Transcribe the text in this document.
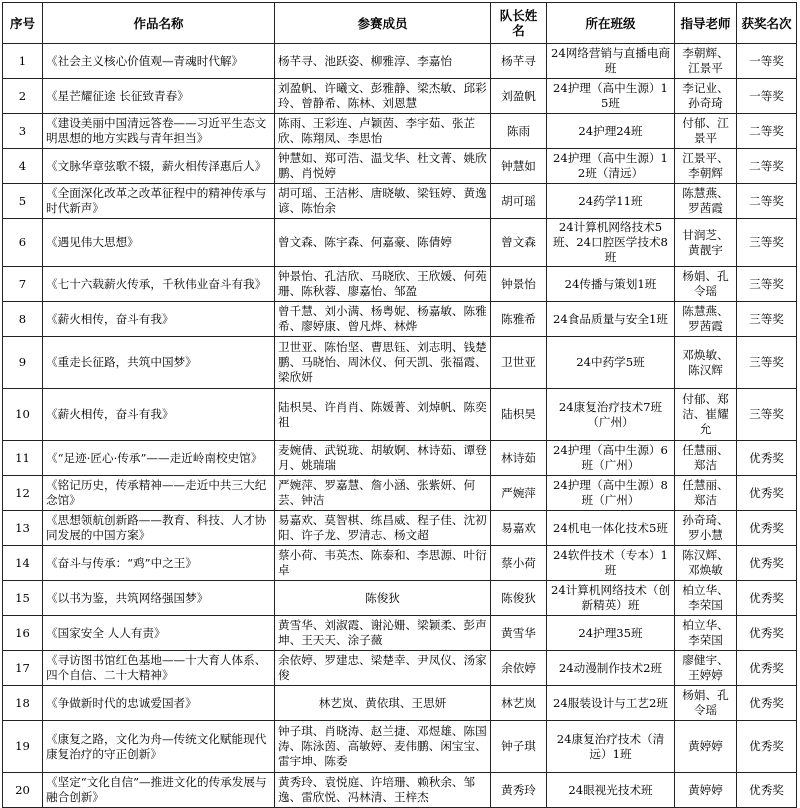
序号	作品名称	参赛成员	队长姓名	所在班级	指导老师	获奖名次
1	《社会主义核心价值观—青魂时代解》	杨芊寻、池跃姿、柳雅淳、李嘉怡	杨芊寻	24网络营销与直播电商班	李朝辉、江景平	一等奖
2	《星芒耀征途 长征致青春》	刘盈帆、许曦文、彭雅静、梁杰敏、邱彩玲、曾静希、陈林、刘恩慧	刘盈帆	24护理（高中生源）15班	李记业、孙奇琦	一等奖
3	《建设美丽中国清远答卷——习近平生态文明思想的地方实践与青年担当》	陈雨、王彩连、卢颖茵、李宇茹、张芷欣、陈翔凤、李思怡	陈雨	24护理24班	付郁、江景平	二等奖
4	《文脉华章弦歌不辍，薪火相传泽惠后人》	钟慧如、郑可浩、温戈华、杜文菁、姚欣鹏、肖悦婷	钟慧如	24护理（高中生源）12班（清远）	江景平、李朝辉	二等奖
5	《全面深化改革之改革征程中的精神传承与时代新声》	胡可瑶、王洁彬、唐晓敏、梁钰婷、黄逸谚、陈怡余	胡可瑶	24药学11班	陈慧燕、罗茜霞	二等奖
6	《遇见伟大思想》	曾文森、陈宇森、何嘉豪、陈倩婷	曾文森	24计算机网络技术5班、24口腔医学技术8班	甘润芝、黄靓宇	三等奖
7	《七十六载薪火传承，千秋伟业奋斗有我》	钟景怡、孔洁欣、马晓欣、王欣媛、何苑珊、陈秋蓉、廖嘉怡、邹盈	钟景怡	24传播与策划1班	杨娟、孔令瑶	三等奖
8	《薪火相传，奋斗有我》	曾千慧、刘小满、杨粤妮、杨嘉敏、陈雅希、廖婷康、曾凡烨、林烨	陈雅希	24食品质量与安全1班	陈慧燕、罗茜霞	三等奖
9	《重走长征路，共筑中国梦》	卫世亚、陈怡坚、曹思钰、刘志明、钱楚鹏、马晓怡、周沐仪、何天凯、张福霞、梁欣妍	卫世亚	24中药学5班	邓焕敏、陈汉辉	三等奖
10	《薪火相传，奋斗有我》	陆枳昊、许肖肖、陈媛菁、刘焯帆、陈奕祖	陆枳昊	24康复治疗技术7班（广州）	付郁、郑洁、崔耀允	三等奖
11	《“足迹·匠心·传承”——走近岭南校史馆》	麦婉倩、武锐珑、胡敏婀、林诗茹、谭登月、姚瑞瑞	林诗茹	24护理（高中生源）6班（广州）	任慧丽、郑洁	优秀奖
12	《铭记历史，传承精神——走近中共三大纪念馆》	严婉萍、罗嘉慧、詹小涵、张紫妍、何芸、钟洁	严婉萍	24护理（高中生源）8班（广州）	任慧丽、郑洁	优秀奖
13	《思想领航创新路——教育、科技、人才协同发展的中国方案》	易嘉欢、莫智棋、练昌威、程子佳、沈初阳、许子龙、罗清志、杨文超	易嘉欢	24机电一体化技术5班	孙奇琦、罗小慧	优秀奖
14	《奋斗与传承：“鸡”中之王》	蔡小荷、韦英杰、陈泰和、李思源、叶衍卓	蔡小荷	24软件技术（专本）1班	陈汉辉、邓焕敏	优秀奖
15	《以书为鉴，共筑网络强国梦》	陈俊狄	陈俊狄	24计算机网络技术（创新精英）班	柏立华、李荣国	优秀奖
16	《国家安全 人人有责》	黄雪华、刘淑霞、谢沁姗、梁颖柔、彭声坤、王天天、涂子薇	黄雪华	24护理35班	柏立华、李荣国	优秀奖
17	《寻访图书馆红色基地——十大育人体系、四个自信、二十大精神》	余依婷、罗建忠、梁楚幸、尹凤仪、汤家俊	余依婷	24动漫制作技术2班	廖健宇、王婷婷	优秀奖
18	《争做新时代的忠诚爱国者》	林艺岚、黄依琪、王思妍	林艺岚	24服装设计与工艺2班	杨娟、孔令瑶	优秀奖
19	《康复之路，文化为舟—传统文化赋能现代康复治疗的守正创新》	钟子琪、肖晓涛、赵兰捷、邓煜雄、陈国涛、陈泳茵、高敏婷、麦伟鹏、闲宝宝、雷宇坤、陈委	钟子琪	24康复治疗技术（清远）1班	黄婷婷	优秀奖
20	《坚定“文化自信”—推进文化的传承发展与融合创新》	黄秀玲、袁悦庭、许培珊、赖秋余、邹逸、雷欣悦、冯林清、王梓杰	黄秀玲	24眼视光技术班	黄婷婷	优秀奖
